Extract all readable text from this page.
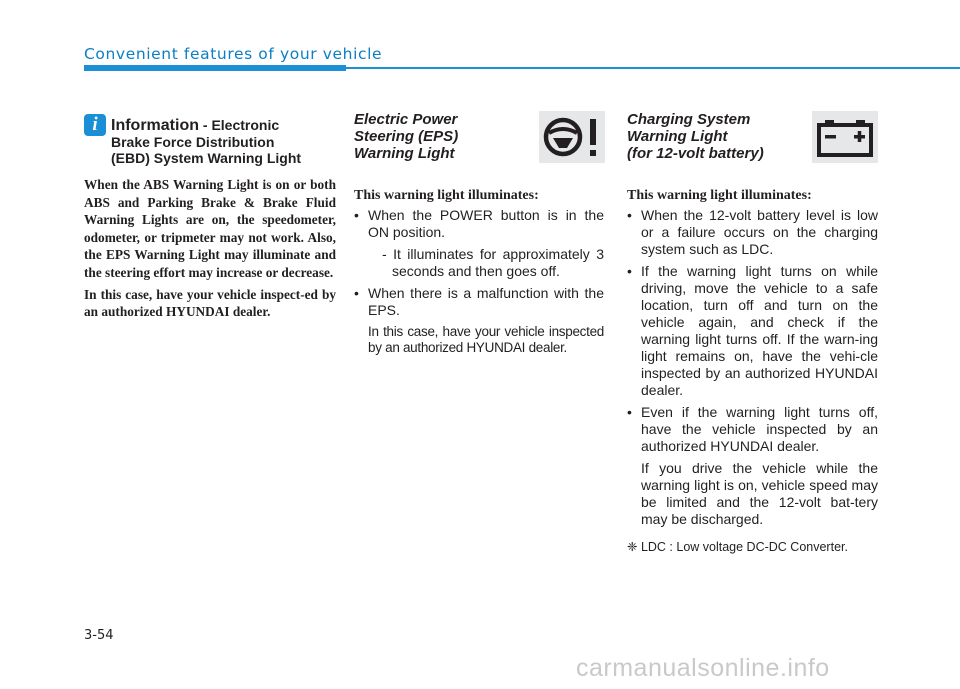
Convenient features of your vehicle
i Information - Electronic
Brake Force Distribution
(EBD) System Warning Light

When the ABS Warning Light is on or both ABS and Parking Brake & Brake Fluid Warning Lights are on, the speedometer, odometer, or tripmeter may not work. Also, the EPS Warning Light may illuminate and the steering effort may increase or decrease.

In this case, have your vehicle inspect-ed by an authorized HYUNDAI dealer.

Electric Power
Steering (EPS)
Warning Light
This warning light illuminates:
• When the POWER button is in the ON position.
- It illuminates for approximately 3 seconds and then goes off.
• When there is a malfunction with the EPS.
In this case, have your vehicle inspected by an authorized HYUNDAI dealer.
Charging System
Warning Light
(for 12-volt battery)
This warning light illuminates:
• When the 12-volt battery level is low or a failure occurs on the charging system such as LDC.
• If the warning light turns on while driving, move the vehicle to a safe location, turn off and turn on the vehicle again, and check if the warning light turns off. If the warn-ing light remains on, have the vehi-cle inspected by an authorized HYUNDAI dealer.
• Even if the warning light turns off, have the vehicle inspected by an authorized HYUNDAI dealer.
If you drive the vehicle while the warning light is on, vehicle speed may be limited and the 12-volt bat-tery may be discharged.
❈ LDC : Low voltage DC-DC Converter.
3-54
carmanualsonline.info
